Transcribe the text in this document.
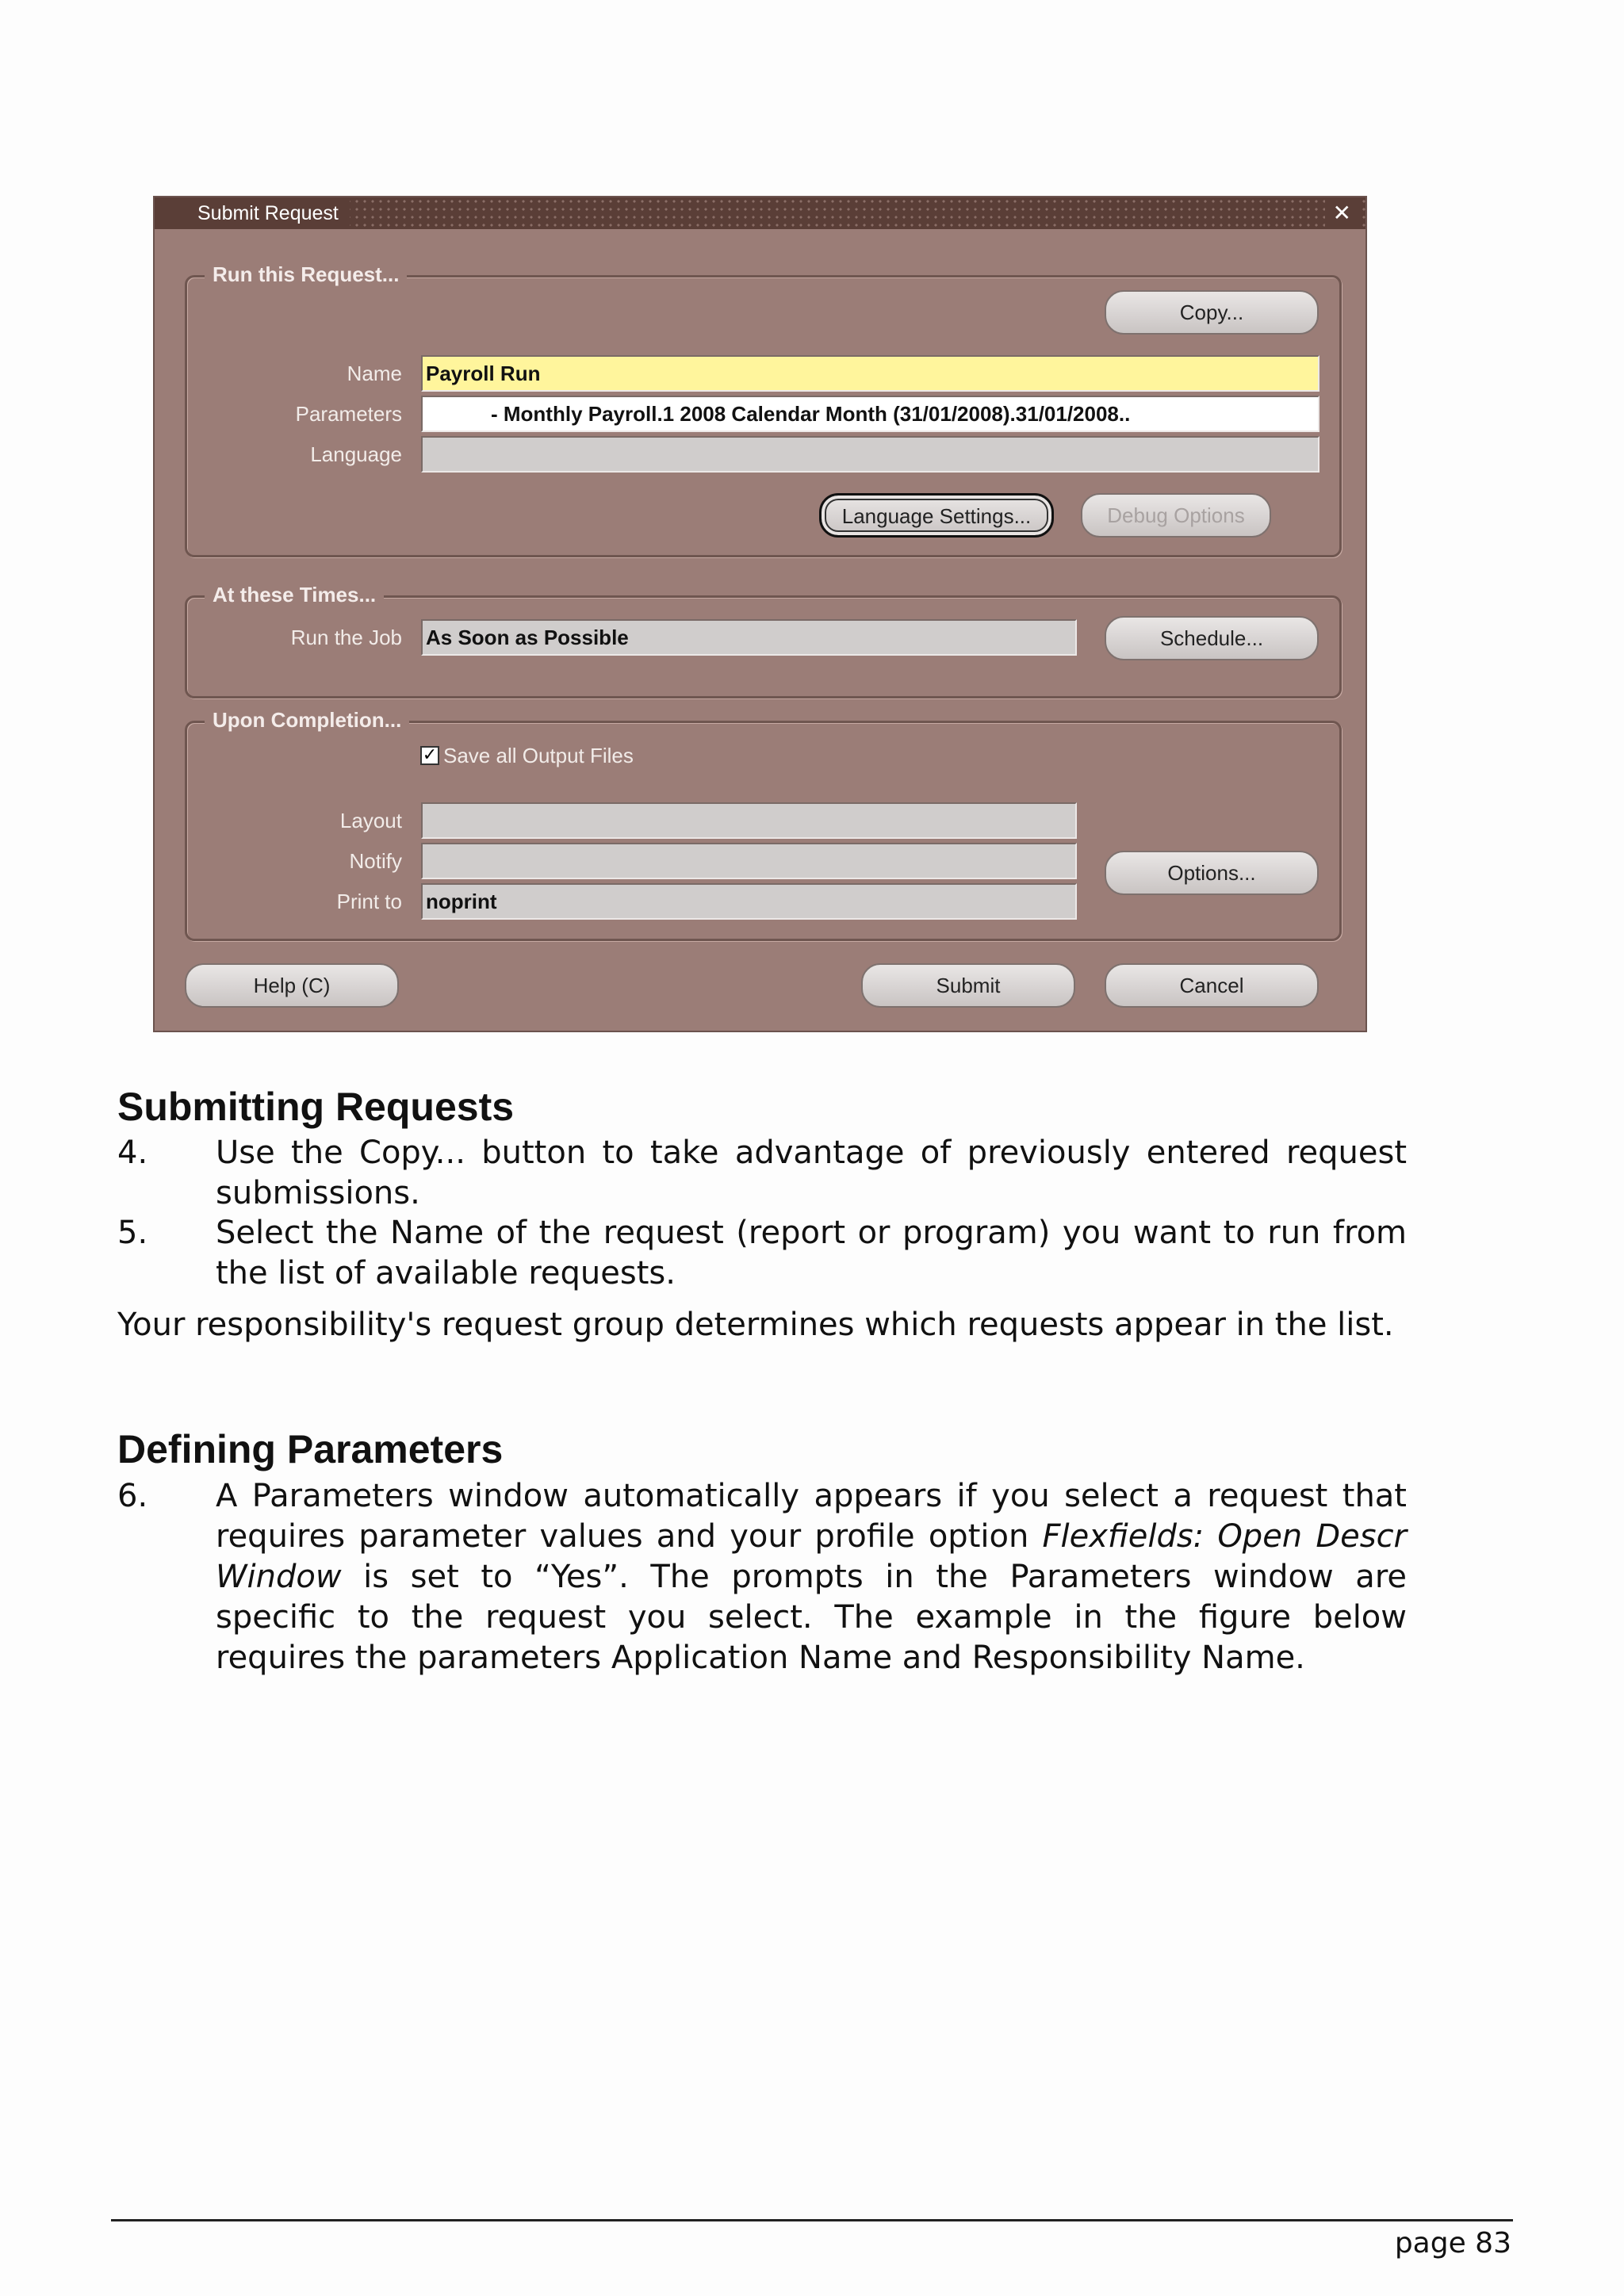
Submit Request	✕
Run this Request...
Copy...
Name Payroll Run
Parameters	- Monthly Payroll.1 2008 Calendar Month (31/01/2008).31/01/2008..
Language
Language Settings...	Debug Options
At these Times...
Run the Job As Soon as Possible	Schedule...
Upon Completion...
✓ Save all Output Files
Layout
Notify
Print to noprint
Options...
Help (C)	Submit	Cancel
Submitting Requests
4. Use the Copy... button to take advantage of previously entered request submissions.
5. Select the Name of the request (report or program) you want to run from the list of available requests.
Your responsibility's request group determines which requests appear in the list.
Defining Parameters
6. A Parameters window automatically appears if you select a request that requires parameter values and your profile option Flexfields: Open Descr Window is set to “Yes”. The prompts in the Parameters window are specific to the request you select. The example in the figure below requires the parameters Application Name and Responsibility Name.
page 83
